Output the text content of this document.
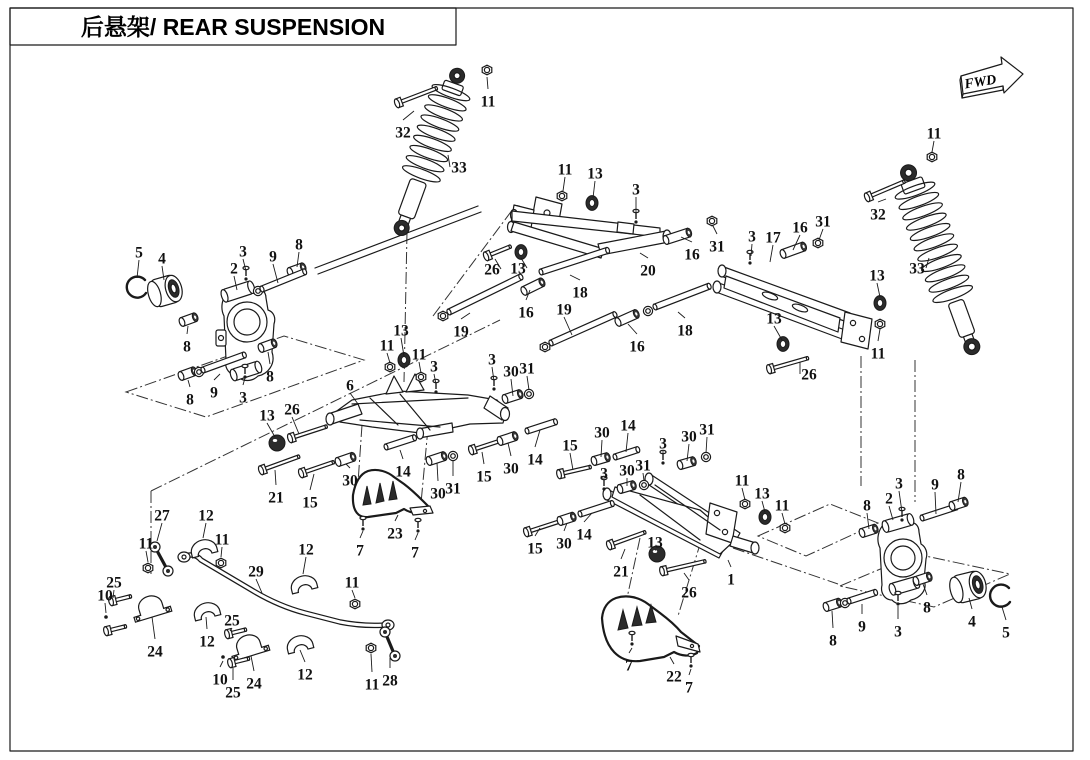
后悬架/ REAR SUSPENSION
FWD
32
11
33	11 13
3
26 13
19
16
18
20
16 31
19
16
18
3 17
16 31
13
11
13
26
11
32
33
5 4
2
3 9
8
8
8
8 9 3
8 2
3 9
8
8
4
5
8
9 3
6
11
13
11
3
13 26
21 15
30
14
30 31
15 30
14
3
30 31
23
7	7
15
30 14
3 30 31
3 30 31
11
13
11
15 30
14
21
13
26
1
22
7
7
27 12
11	11
25
10
29
12
11
25
24
12
10
25
24
12
11 28
